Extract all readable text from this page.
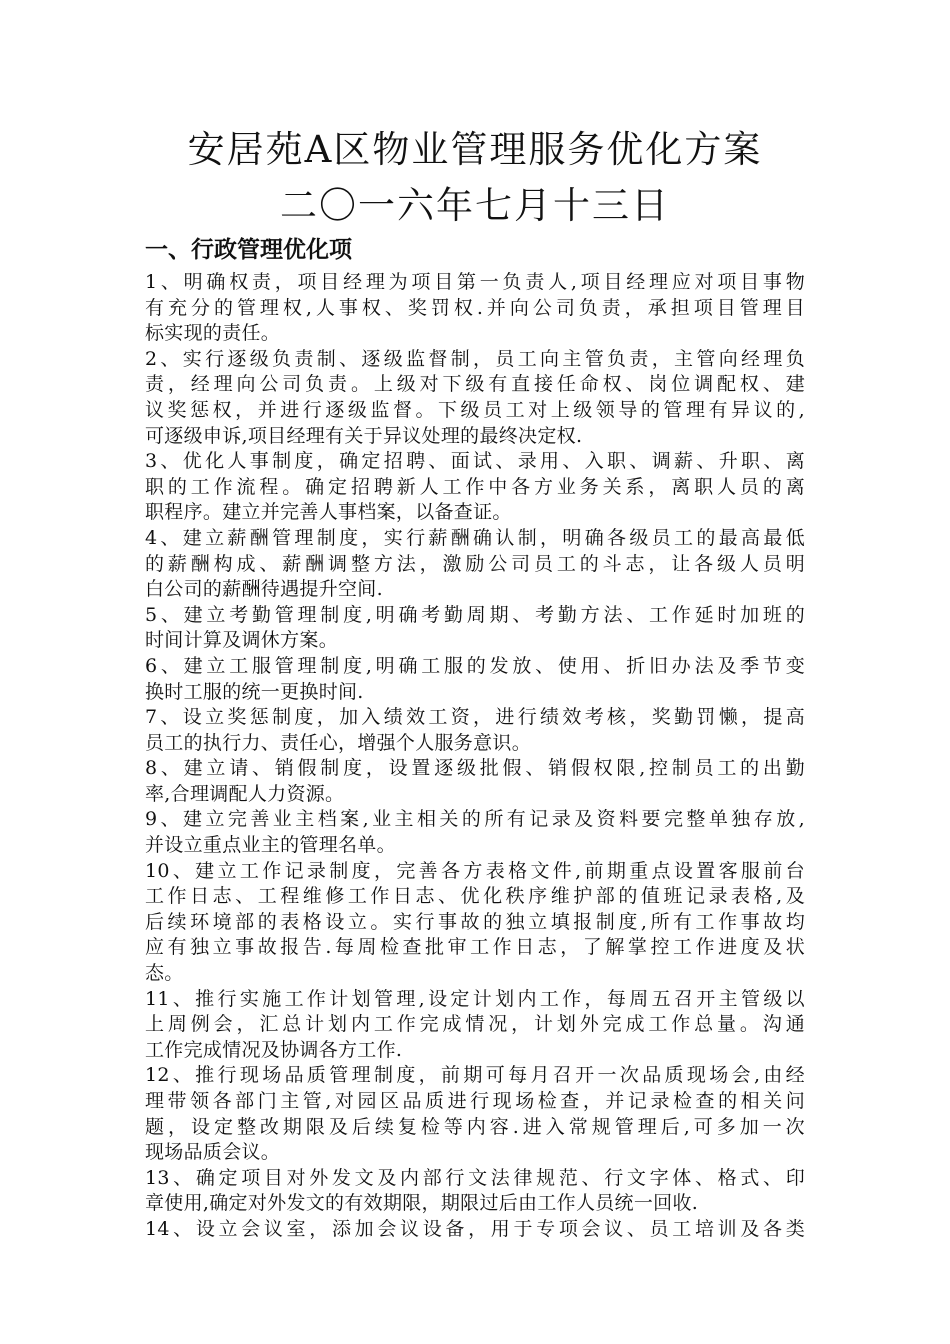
安居苑A区物业管理服务优化方案
二〇一六年七月十三日
一、行政管理优化项
1、明确权责，项目经理为项目第一负责人,项目经理应对项目事物
有充分的管理权,人事权、奖罚权.并向公司负责，承担项目管理目
标实现的责任。
2、实行逐级负责制、逐级监督制，员工向主管负责，主管向经理负
责，经理向公司负责。上级对下级有直接任命权、岗位调配权、建
议奖惩权，并进行逐级监督。下级员工对上级领导的管理有异议的,
可逐级申诉,项目经理有关于异议处理的最终决定权.
3、优化人事制度，确定招聘、面试、录用、入职、调薪、升职、离
职的工作流程。确定招聘新人工作中各方业务关系，离职人员的离
职程序。建立并完善人事档案，以备查证。
4、建立薪酬管理制度，实行薪酬确认制，明确各级员工的最高最低
的薪酬构成、薪酬调整方法，激励公司员工的斗志，让各级人员明
白公司的薪酬待遇提升空间.
5、建立考勤管理制度,明确考勤周期、考勤方法、工作延时加班的
时间计算及调休方案。
6、建立工服管理制度,明确工服的发放、使用、折旧办法及季节变
换时工服的统一更换时间.
7、设立奖惩制度，加入绩效工资，进行绩效考核，奖勤罚懒，提高
员工的执行力、责任心，增强个人服务意识。
8、建立请、销假制度，设置逐级批假、销假权限,控制员工的出勤
率,合理调配人力资源。
9、建立完善业主档案,业主相关的所有记录及资料要完整单独存放,
并设立重点业主的管理名单。
10、建立工作记录制度，完善各方表格文件,前期重点设置客服前台
工作日志、工程维修工作日志、优化秩序维护部的值班记录表格,及
后续环境部的表格设立。实行事故的独立填报制度,所有工作事故均
应有独立事故报告.每周检查批审工作日志，了解掌控工作进度及状
态。
11、推行实施工作计划管理,设定计划内工作，每周五召开主管级以
上周例会，汇总计划内工作完成情况，计划外完成工作总量。沟通
工作完成情况及协调各方工作.
12、推行现场品质管理制度，前期可每月召开一次品质现场会,由经
理带领各部门主管,对园区品质进行现场检查，并记录检查的相关问
题，设定整改期限及后续复检等内容.进入常规管理后,可多加一次
现场品质会议。
13、确定项目对外发文及内部行文法律规范、行文字体、格式、印
章使用,确定对外发文的有效期限，期限过后由工作人员统一回收.
14、设立会议室，添加会议设备，用于专项会议、员工培训及各类
